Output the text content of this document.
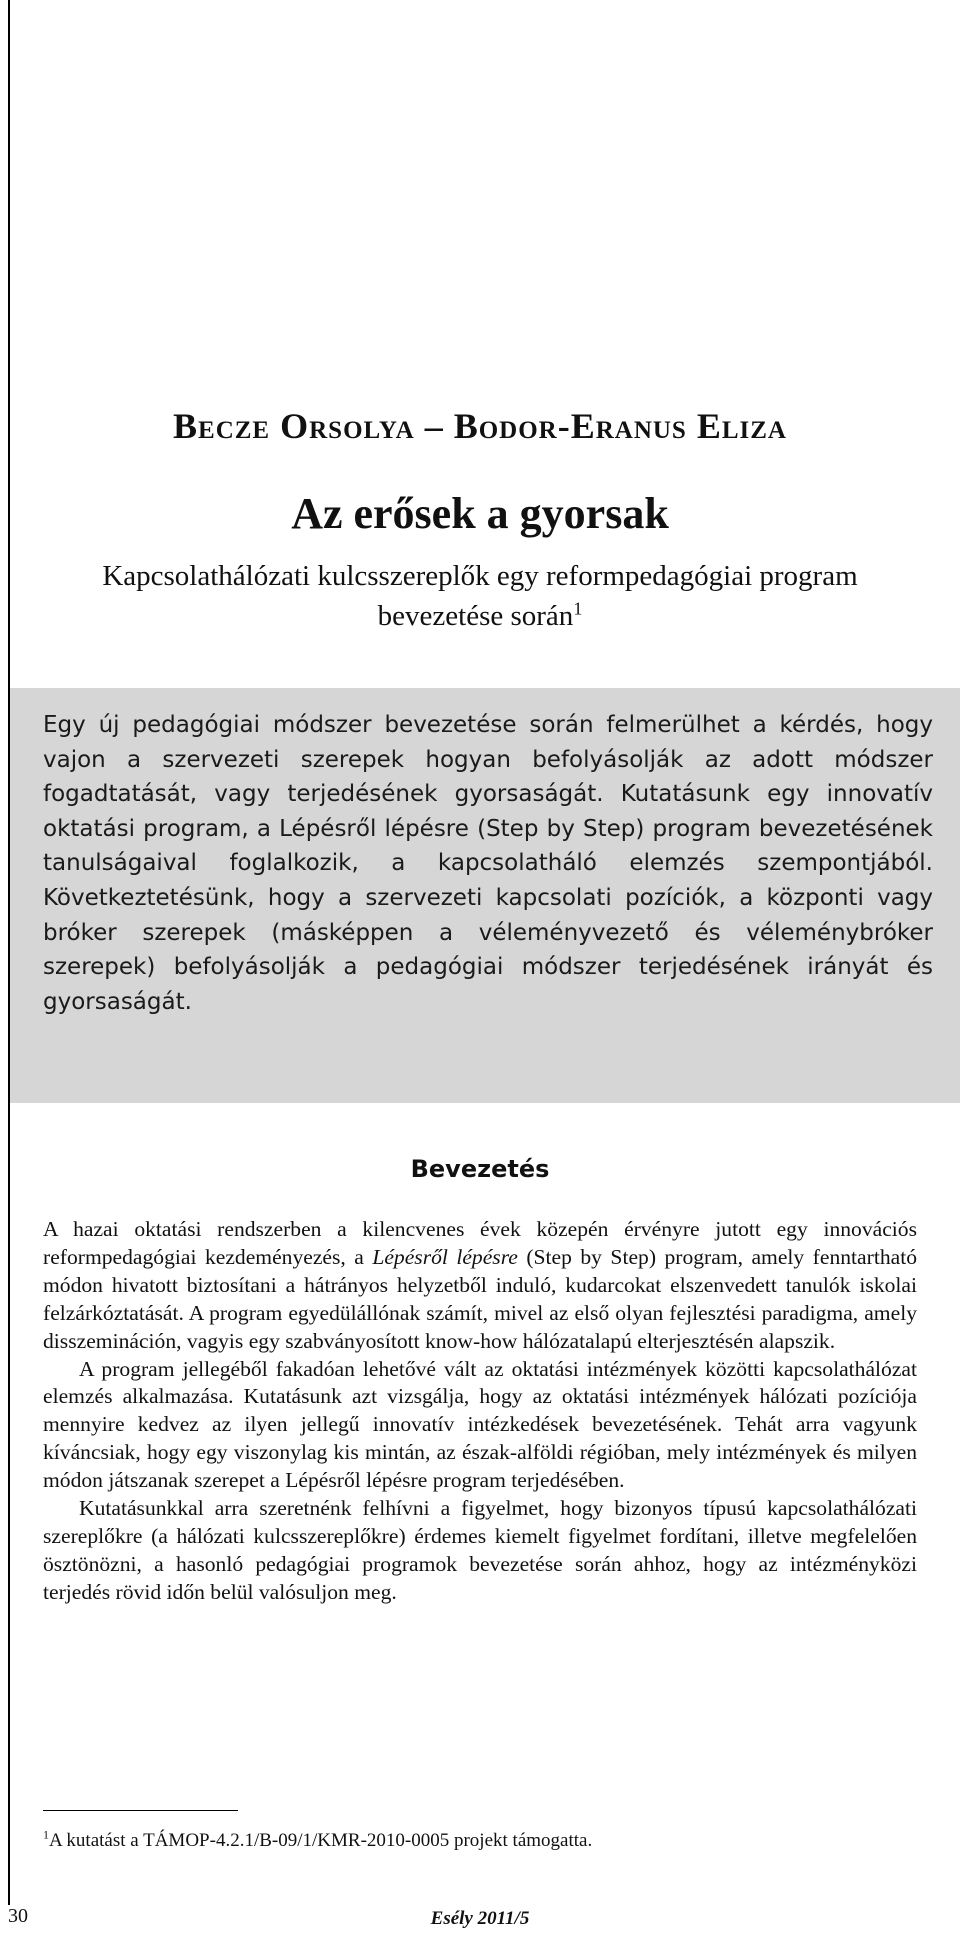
Becze Orsolya – Bodor-Eranus Eliza
Az erősek a gyorsak
Kapcsolathálózati kulcsszereplők egy reformpedagógiai program bevezetése során$^1$
Egy új pedagógiai módszer bevezetése során felmerülhet a kérdés, hogy vajon a szervezeti szerepek hogyan befolyásolják az adott módszer fogadtatását, vagy terjedésének gyorsaságát. Kutatásunk egy innovatív oktatási program, a Lépésről lépésre (Step by Step) program bevezetésének tanulságaival foglalkozik, a kapcsolatháló elemzés szempontjából. Következtetésünk, hogy a szervezeti kapcsolati pozíciók, a központi vagy bróker szerepek (másképpen a véleményvezető és véleménybróker szerepek) befolyásolják a pedagógiai módszer terjedésének irányát és gyorsaságát.
Bevezetés

A hazai oktatási rendszerben a kilencvenes évek közepén érvényre jutott egy innovációs reformpedagógiai kezdeményezés, a Lépésről lépésre (Step by Step) program, amely fenntartható módon hivatott biztosítani a hátrányos helyzetből induló, kudarcokat elszenvedett tanulók iskolai felzárkóztatását. A program egyedülállónak számít, mivel az első olyan fejlesztési paradigma, amely disszemináción, vagyis egy szabványosított know-how hálózatalapú elterjesztésén alapszik.

A program jellegéből fakadóan lehetővé vált az oktatási intézmények közötti kapcsolathálózat elemzés alkalmazása. Kutatásunk azt vizsgálja, hogy az oktatási intézmények hálózati pozíciója mennyire kedvez az ilyen jellegű innovatív intézkedések bevezetésének. Tehát arra vagyunk kíváncsiak, hogy egy viszonylag kis mintán, az észak-alföldi régióban, mely intézmények és milyen módon játszanak szerepet a Lépésről lépésre program terjedésében.

Kutatásunkkal arra szeretnénk felhívni a figyelmet, hogy bizonyos típusú kapcsolathálózati szereplőkre (a hálózati kulcsszereplőkre) érdemes kiemelt figyelmet fordítani, illetve megfelelően ösztönözni, a hasonló pedagógiai programok bevezetése során ahhoz, hogy az intézményközi terjedés rövid időn belül valósuljon meg.

$^1$A kutatást a TÁMOP-4.2.1/B-09/1/KMR-2010-0005 projekt támogatta.
30	Esély 2011/5
